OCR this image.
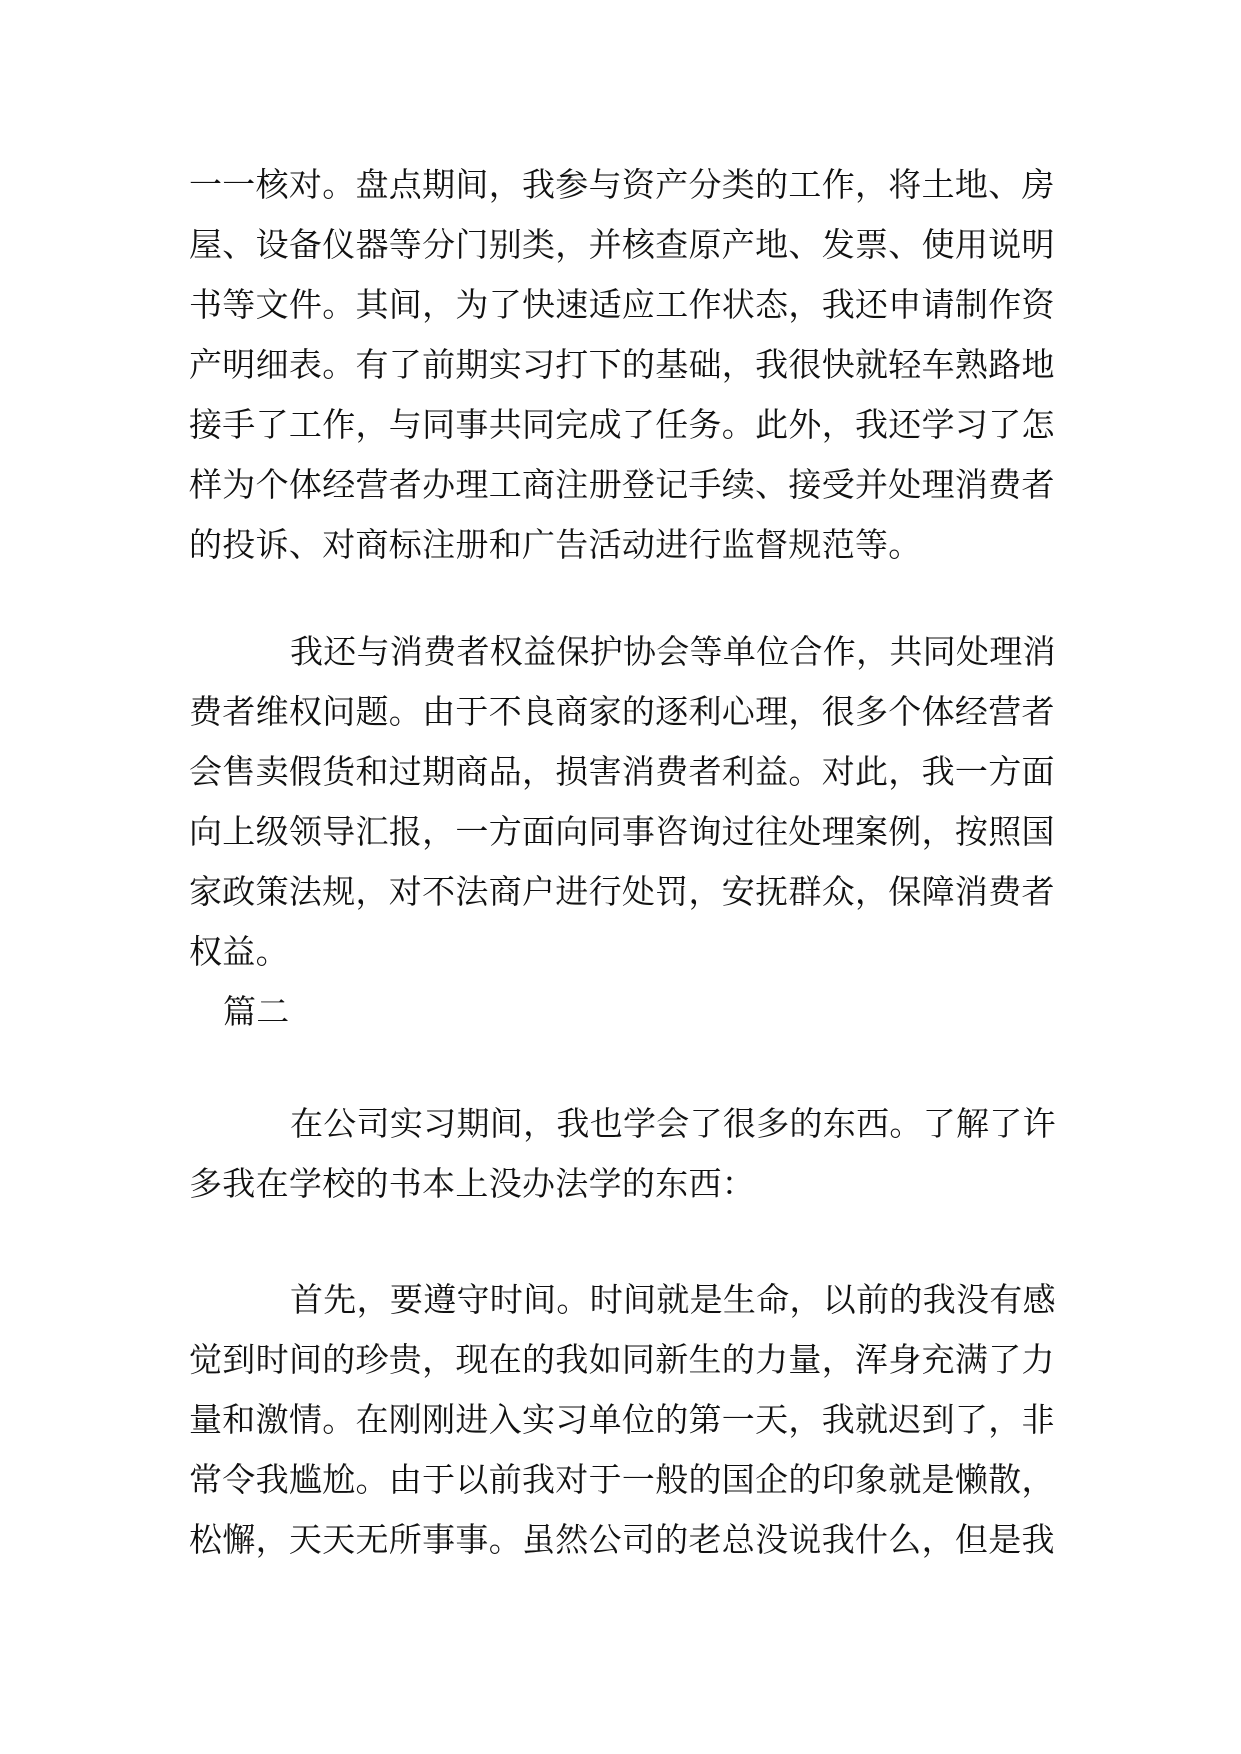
一一核对。盘点期间，我参与资产分类的工作，将土地、房
屋、设备仪器等分门别类，并核查原产地、发票、使用说明
书等文件。其间，为了快速适应工作状态，我还申请制作资
产明细表。有了前期实习打下的基础，我很快就轻车熟路地
接手了工作，与同事共同完成了任务。此外，我还学习了怎
样为个体经营者办理工商注册登记手续、接受并处理消费者
的投诉、对商标注册和广告活动进行监督规范等。
我还与消费者权益保护协会等单位合作，共同处理消
费者维权问题。由于不良商家的逐利心理，很多个体经营者
会售卖假货和过期商品，损害消费者利益。对此，我一方面
向上级领导汇报，一方面向同事咨询过往处理案例，按照国
家政策法规，对不法商户进行处罚，安抚群众，保障消费者
权益。
篇二
在公司实习期间，我也学会了很多的东西。了解了许
多我在学校的书本上没办法学的东西：
首先，要遵守时间。时间就是生命，以前的我没有感
觉到时间的珍贵，现在的我如同新生的力量，浑身充满了力
量和激情。在刚刚进入实习单位的第一天，我就迟到了，非
常令我尴尬。由于以前我对于一般的国企的印象就是懒散，
松懈，天天无所事事。虽然公司的老总没说我什么，但是我
